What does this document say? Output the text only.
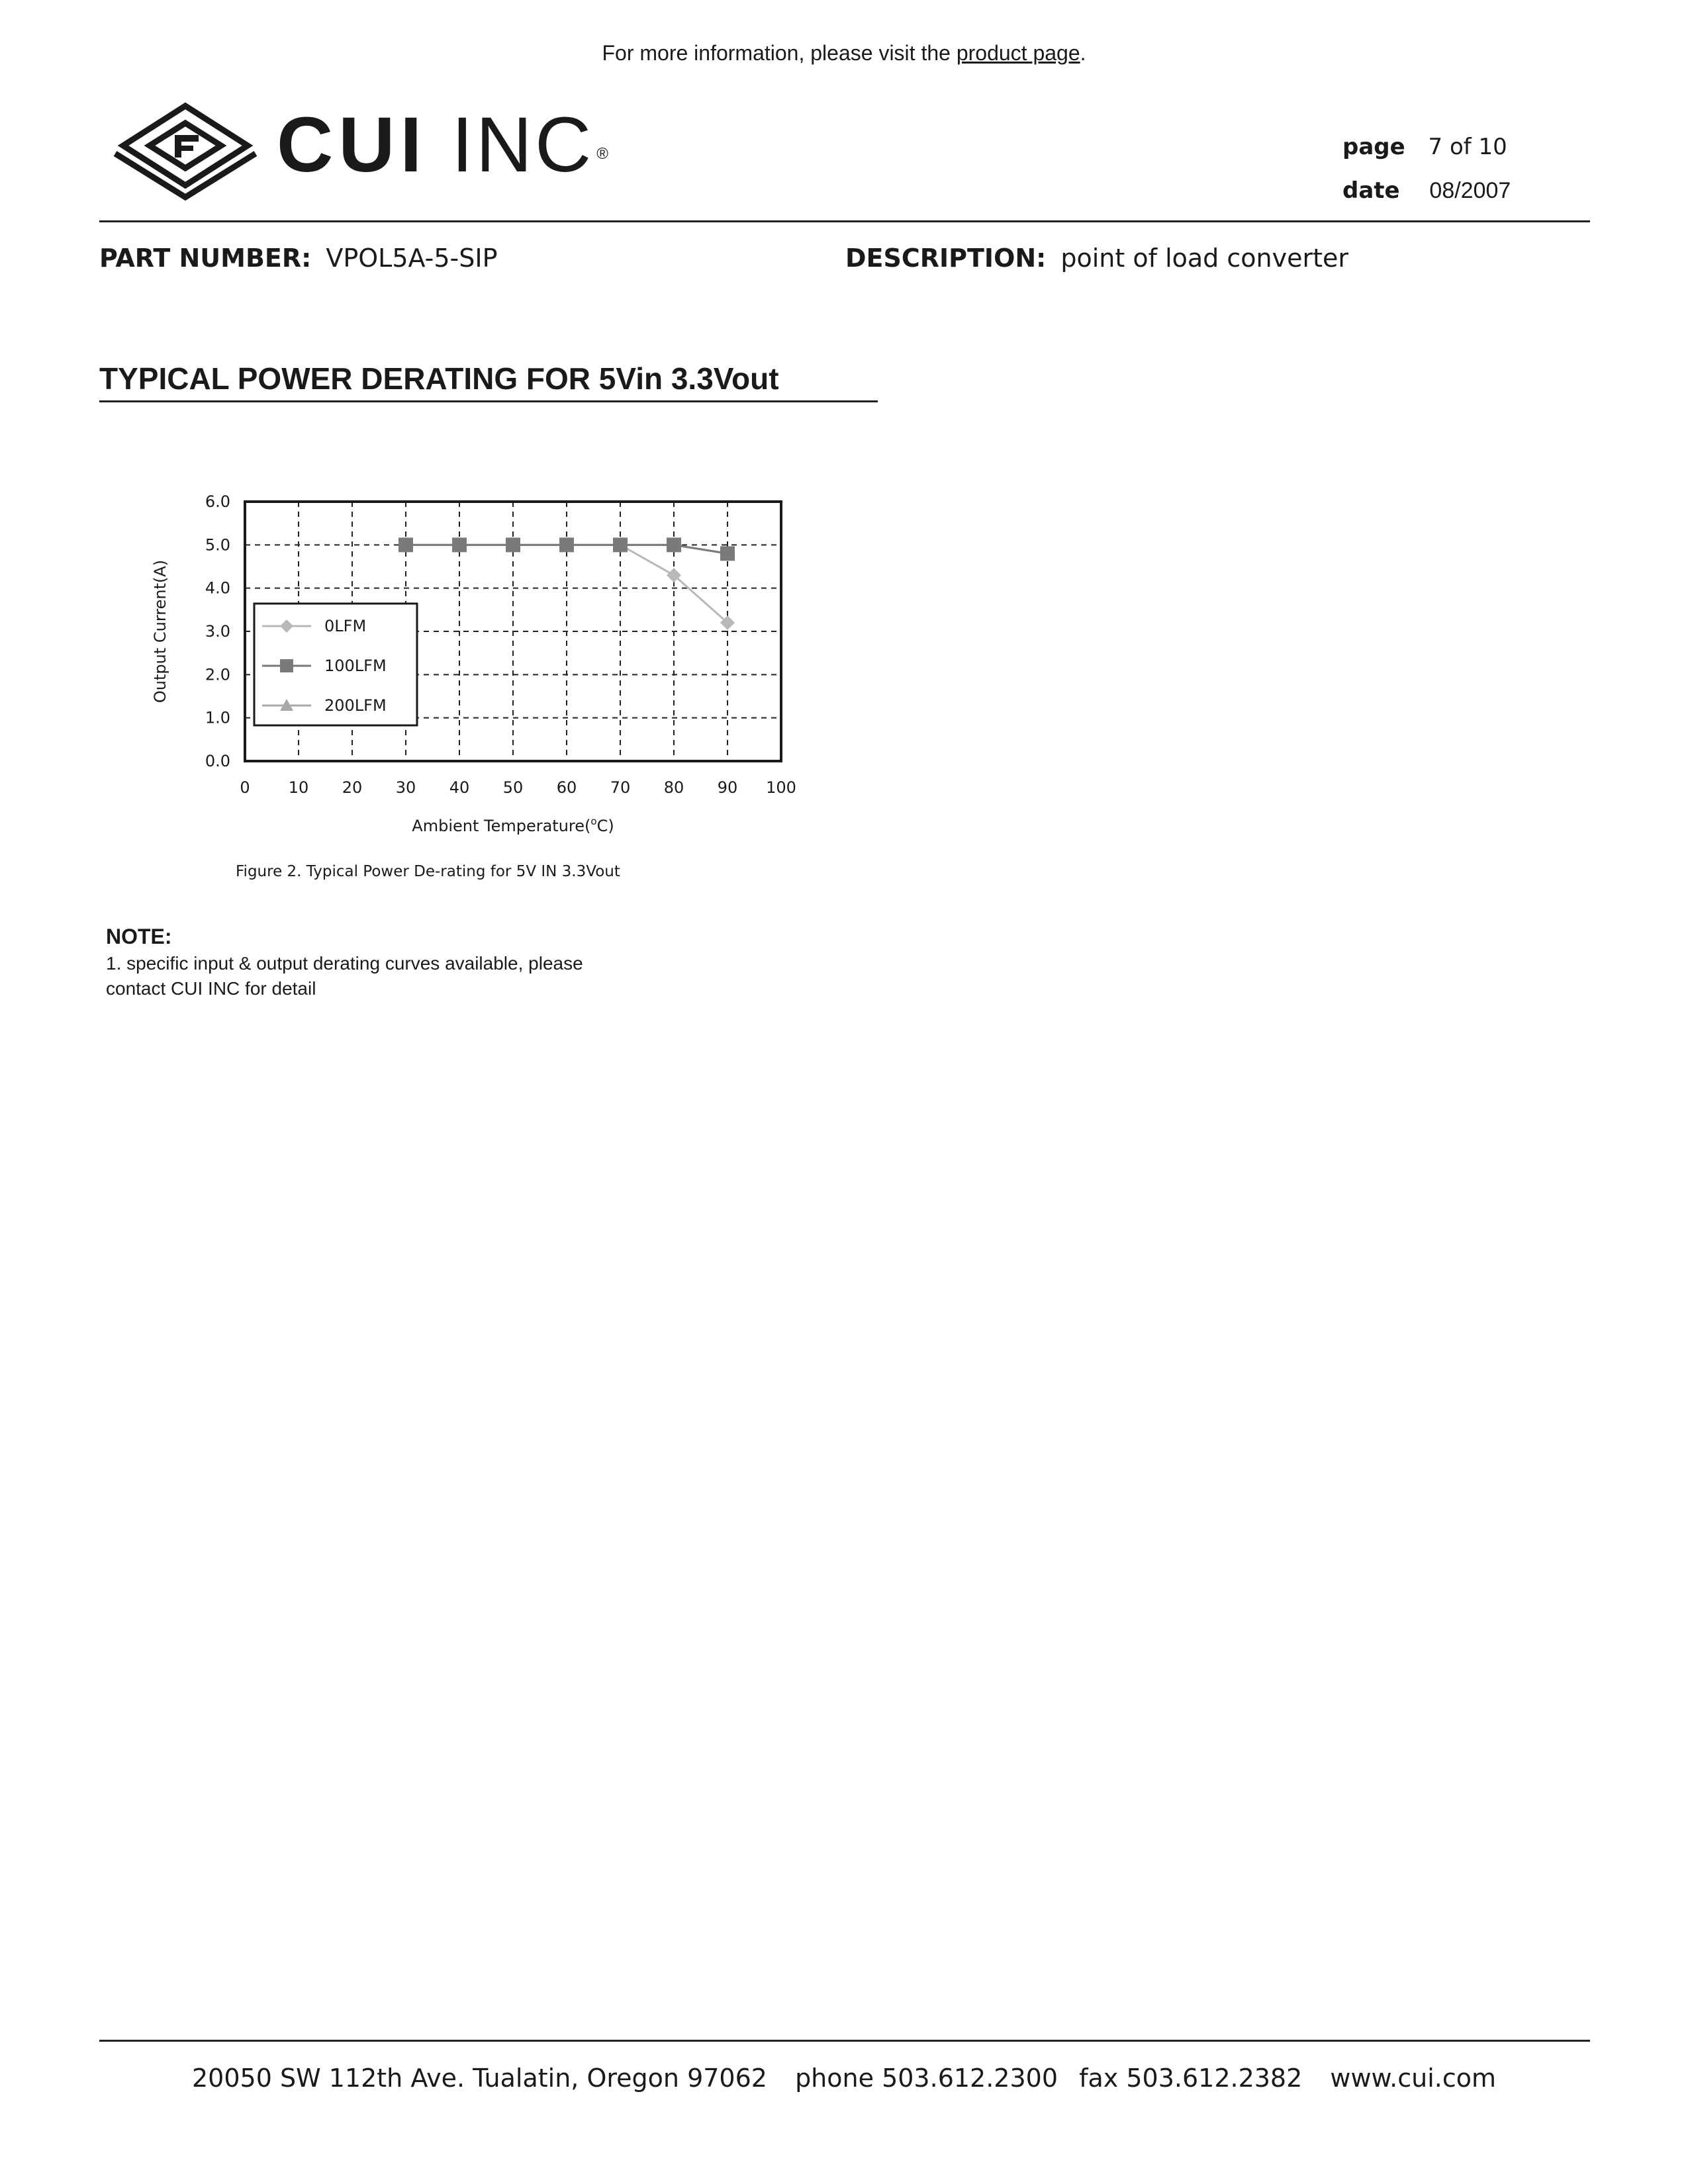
For more information, please visit the product page.
CUI INC ®	page 7 of 10
date 08/2007
PART NUMBER: VPOL5A-5-SIP	DESCRIPTION: point of load converter
TYPICAL POWER DERATING FOR 5Vin 3.3Vout
6.0
5.0
4.0
3.0
2.0
1.0
0.0
0 10 20 30 40 50 60 70 80 90 100
0LFM
100LFM
200LFM
Output Current(A)
Ambient Temperature($^o$C)
Figure 2. Typical Power De-rating for 5V IN 3.3Vout
NOTE:
1. specific input & output derating curves available, please
contact CUI INC for detail
20050 SW 112th Ave. Tualatin, Oregon 97062 phone 503.612.2300 fax 503.612.2382 www.cui.com
